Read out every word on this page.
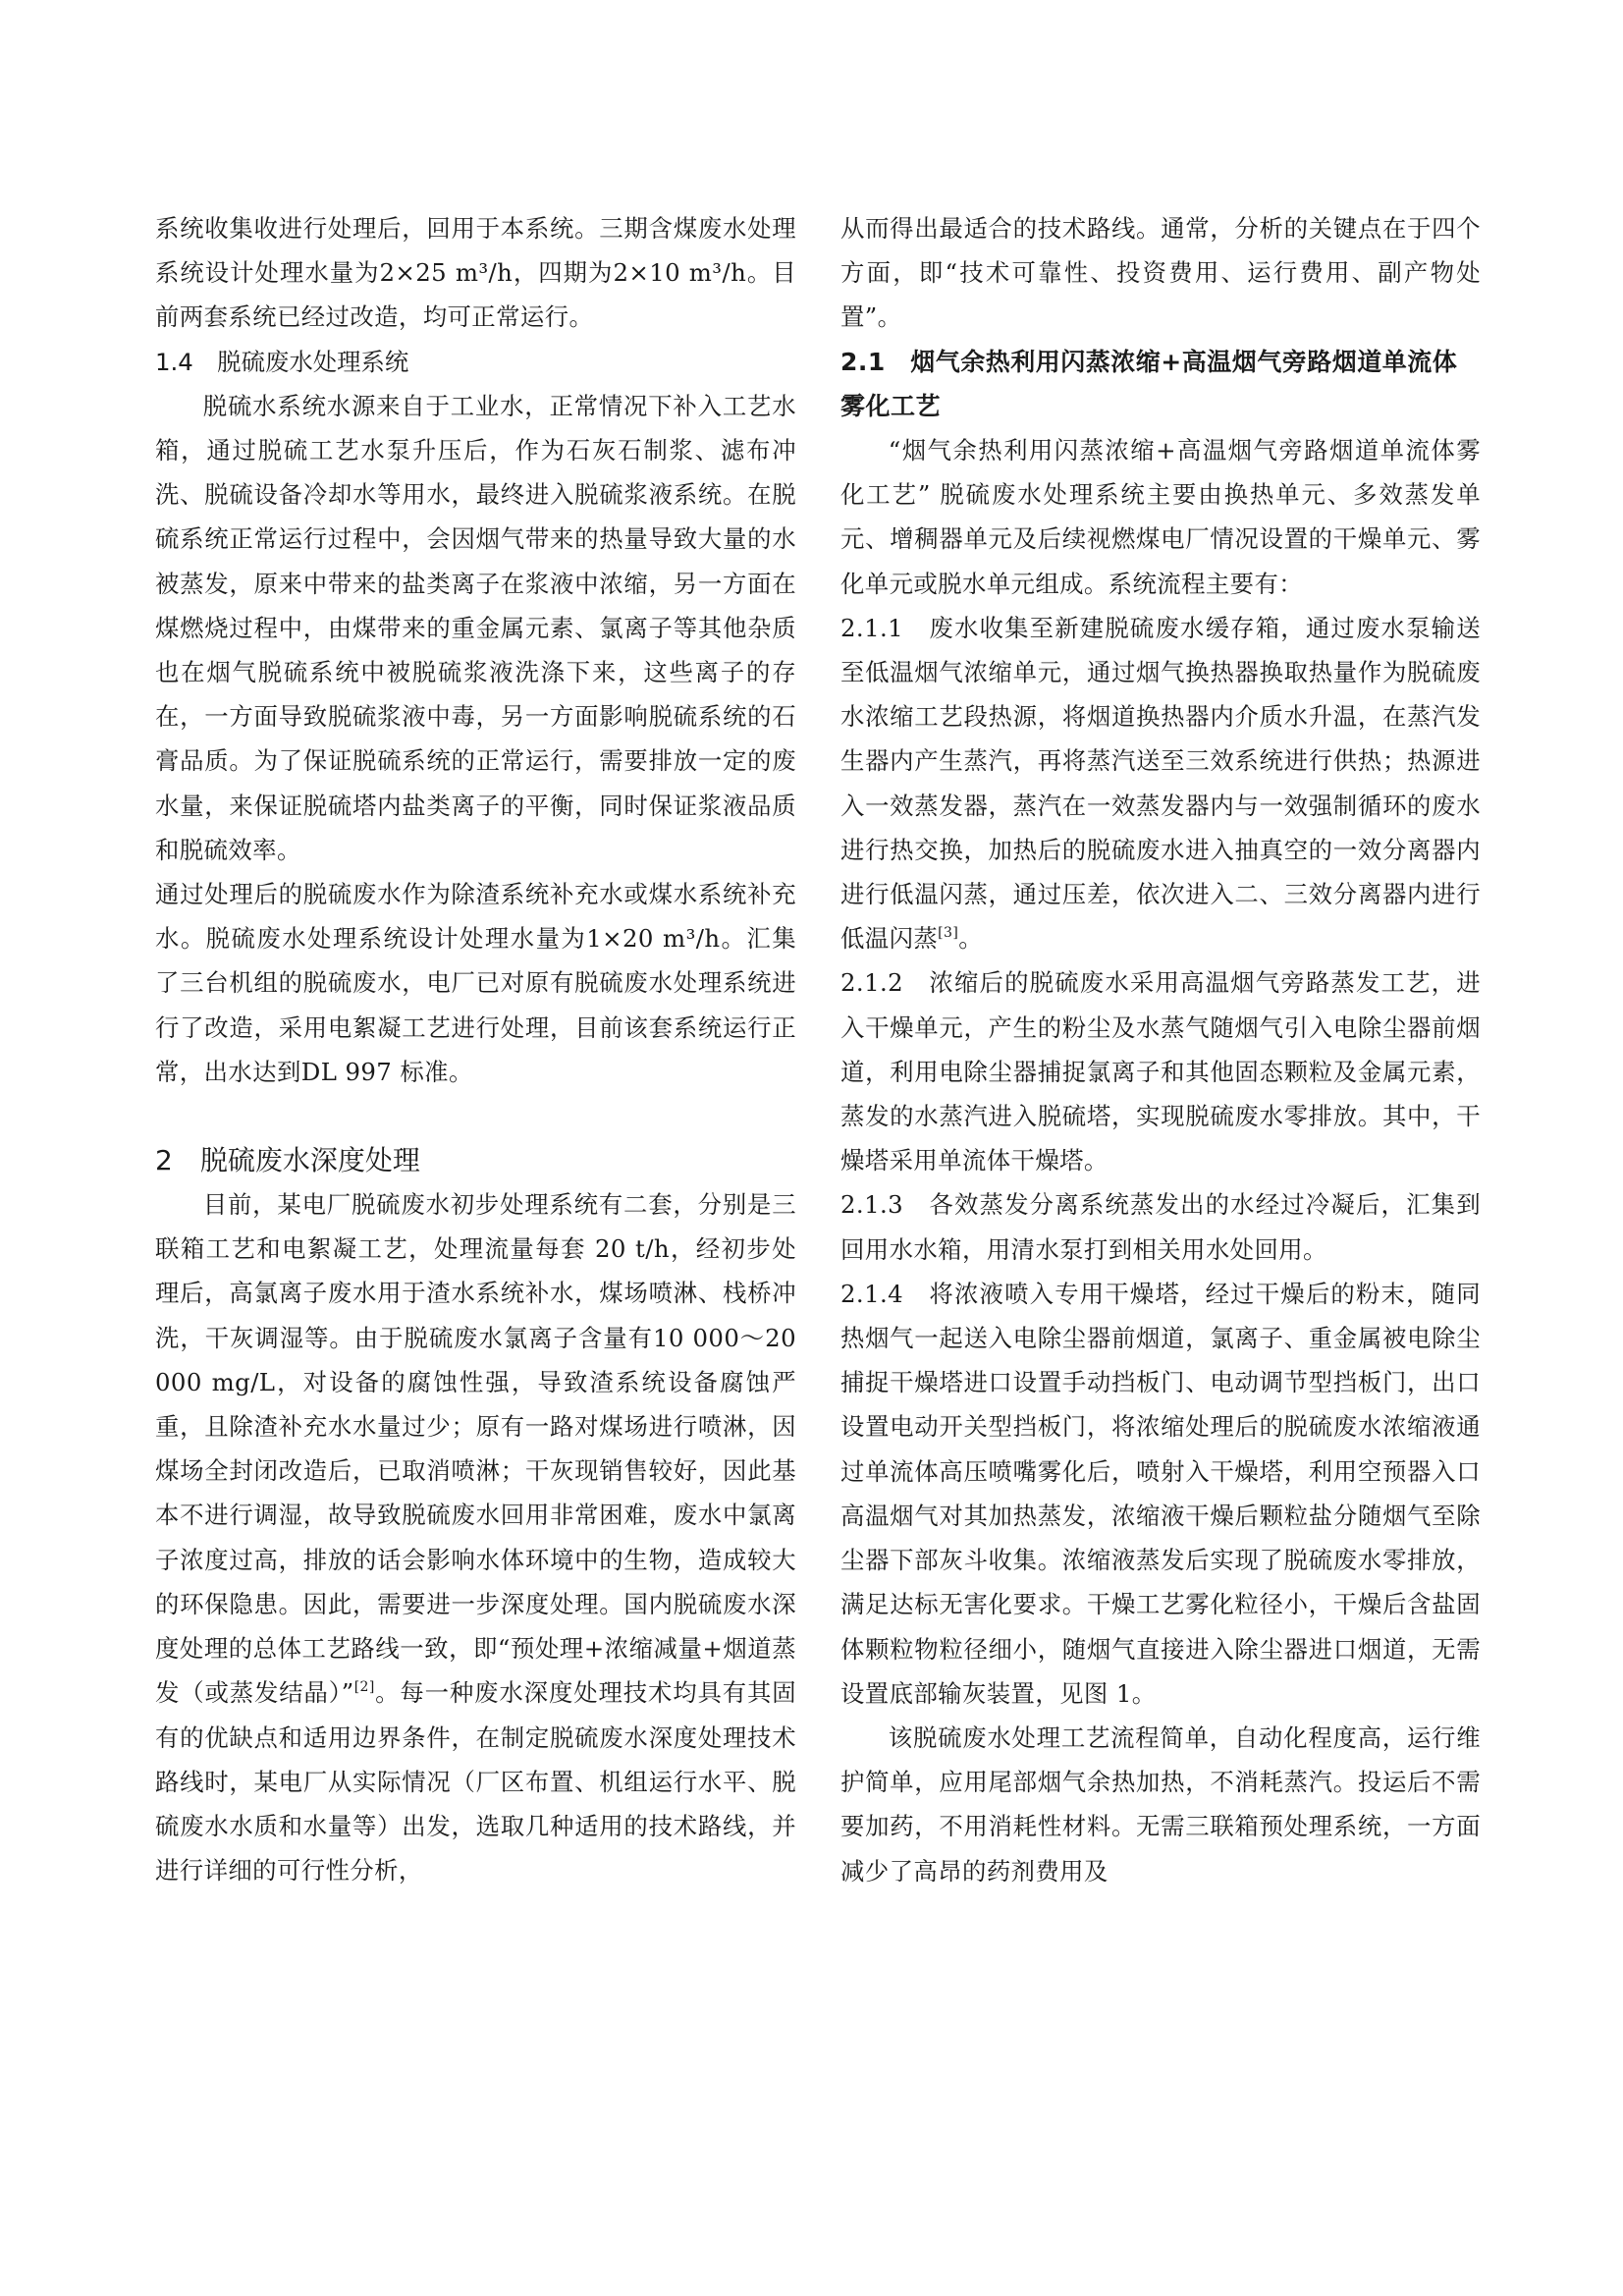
系统收集收进行处理后，回用于本系统。三期含煤废水处理系统设计处理水量为2×25 m³/h，四期为2×10 m³/h。目前两套系统已经过改造，均可正常运行。

1.4　脱硫废水处理系统

脱硫水系统水源来自于工业水，正常情况下补入工艺水箱，通过脱硫工艺水泵升压后，作为石灰石制浆、滤布冲洗、脱硫设备冷却水等用水，最终进入脱硫浆液系统。在脱硫系统正常运行过程中，会因烟气带来的热量导致大量的水被蒸发，原来中带来的盐类离子在浆液中浓缩，另一方面在煤燃烧过程中，由煤带来的重金属元素、氯离子等其他杂质也在烟气脱硫系统中被脱硫浆液洗涤下来，这些离子的存在，一方面导致脱硫浆液中毒，另一方面影响脱硫系统的石膏品质。为了保证脱硫系统的正常运行，需要排放一定的废水量，来保证脱硫塔内盐类离子的平衡，同时保证浆液品质和脱硫效率。

通过处理后的脱硫废水作为除渣系统补充水或煤水系统补充水。脱硫废水处理系统设计处理水量为1×20 m³/h。汇集了三台机组的脱硫废水，电厂已对原有脱硫废水处理系统进行了改造，采用电絮凝工艺进行处理，目前该套系统运行正常，出水达到DL 997 标准。

2　脱硫废水深度处理

目前，某电厂脱硫废水初步处理系统有二套，分别是三联箱工艺和电絮凝工艺，处理流量每套 20 t/h，经初步处理后，高氯离子废水用于渣水系统补水，煤场喷淋、栈桥冲洗，干灰调湿等。由于脱硫废水氯离子含量有10 000～20 000 mg/L，对设备的腐蚀性强，导致渣系统设备腐蚀严重，且除渣补充水水量过少；原有一路对煤场进行喷淋，因煤场全封闭改造后，已取消喷淋；干灰现销售较好，因此基本不进行调湿，故导致脱硫废水回用非常困难，废水中氯离子浓度过高，排放的话会影响水体环境中的生物，造成较大的环保隐患。因此，需要进一步深度处理。国内脱硫废水深度处理的总体工艺路线一致，即“预处理+浓缩减量+烟道蒸发（或蒸发结晶）”[2]。每一种废水深度处理技术均具有其固有的优缺点和适用边界条件，在制定脱硫废水深度处理技术路线时，某电厂从实际情况（厂区布置、机组运行水平、脱硫废水水质和水量等）出发，选取几种适用的技术路线，并进行详细的可行性分析，

从而得出最适合的技术路线。通常，分析的关键点在于四个方面，即“技术可靠性、投资费用、运行费用、副产物处置”。

2.1　烟气余热利用闪蒸浓缩+高温烟气旁路烟道单流体雾化工艺

“烟气余热利用闪蒸浓缩+高温烟气旁路烟道单流体雾化工艺” 脱硫废水处理系统主要由换热单元、多效蒸发单元、增稠器单元及后续视燃煤电厂情况设置的干燥单元、雾化单元或脱水单元组成。系统流程主要有：

2.1.1　废水收集至新建脱硫废水缓存箱，通过废水泵输送至低温烟气浓缩单元，通过烟气换热器换取热量作为脱硫废水浓缩工艺段热源，将烟道换热器内介质水升温，在蒸汽发生器内产生蒸汽，再将蒸汽送至三效系统进行供热；热源进入一效蒸发器，蒸汽在一效蒸发器内与一效强制循环的废水进行热交换，加热后的脱硫废水进入抽真空的一效分离器内进行低温闪蒸，通过压差，依次进入二、三效分离器内进行低温闪蒸[3]。

2.1.2　浓缩后的脱硫废水采用高温烟气旁路蒸发工艺，进入干燥单元，产生的粉尘及水蒸气随烟气引入电除尘器前烟道，利用电除尘器捕捉氯离子和其他固态颗粒及金属元素，蒸发的水蒸汽进入脱硫塔，实现脱硫废水零排放。其中，干燥塔采用单流体干燥塔。

2.1.3　各效蒸发分离系统蒸发出的水经过冷凝后，汇集到回用水水箱，用清水泵打到相关用水处回用。

2.1.4　将浓液喷入专用干燥塔，经过干燥后的粉末，随同热烟气一起送入电除尘器前烟道，氯离子、重金属被电除尘捕捉干燥塔进口设置手动挡板门、电动调节型挡板门，出口设置电动开关型挡板门，将浓缩处理后的脱硫废水浓缩液通过单流体高压喷嘴雾化后，喷射入干燥塔，利用空预器入口高温烟气对其加热蒸发，浓缩液干燥后颗粒盐分随烟气至除尘器下部灰斗收集。浓缩液蒸发后实现了脱硫废水零排放，满足达标无害化要求。干燥工艺雾化粒径小，干燥后含盐固体颗粒物粒径细小，随烟气直接进入除尘器进口烟道，无需设置底部输灰装置，见图 1。

该脱硫废水处理工艺流程简单，自动化程度高，运行维护简单，应用尾部烟气余热加热，不消耗蒸汽。投运后不需要加药，不用消耗性材料。无需三联箱预处理系统，一方面减少了高昂的药剂费用及
